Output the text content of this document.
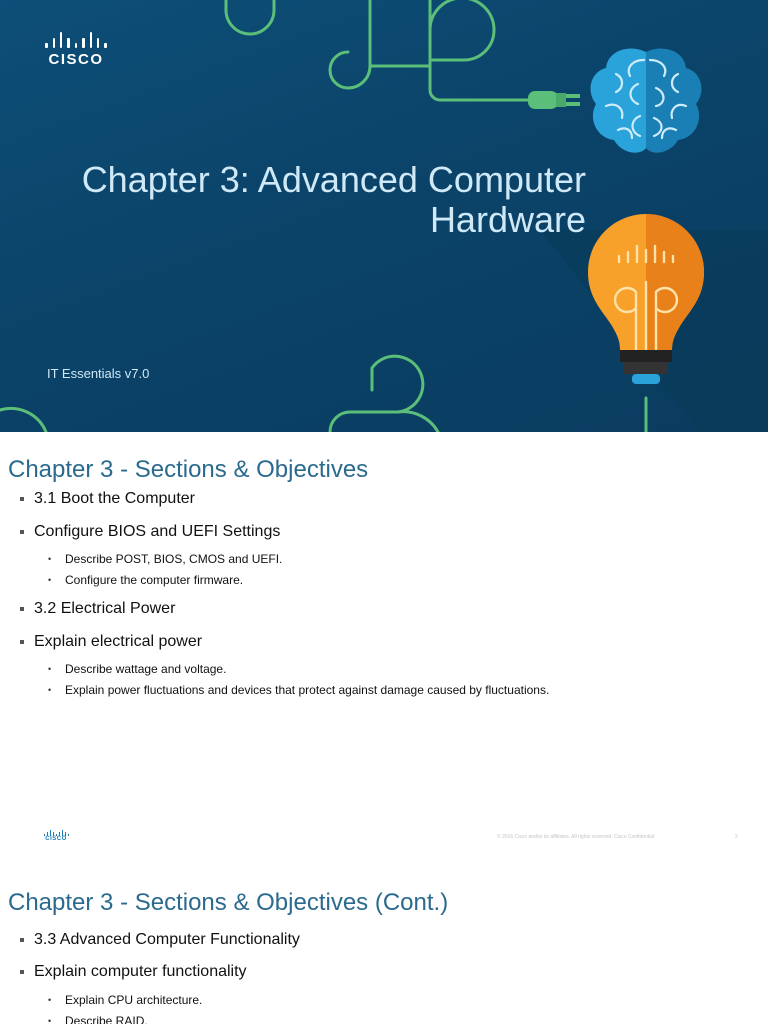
CISCO
Chapter 3: Advanced Computer
Hardware
IT Essentials v7.0
Chapter 3 - Sections & Objectives
3.1 Boot the Computer
Configure BIOS and UEFI Settings
• Describe POST, BIOS, CMOS and UEFI.
• Configure the computer firmware.
3.2 Electrical Power
Explain electrical power
• Describe wattage and voltage.
• Explain power fluctuations and devices that protect against damage caused by fluctuations.
CISCO	© 2016 Cisco and/or its affiliates. All rights reserved. Cisco Confidential	2
Chapter 3 - Sections & Objectives (Cont.)
3.3 Advanced Computer Functionality
Explain computer functionality
• Explain CPU architecture.
• Describe RAID.
